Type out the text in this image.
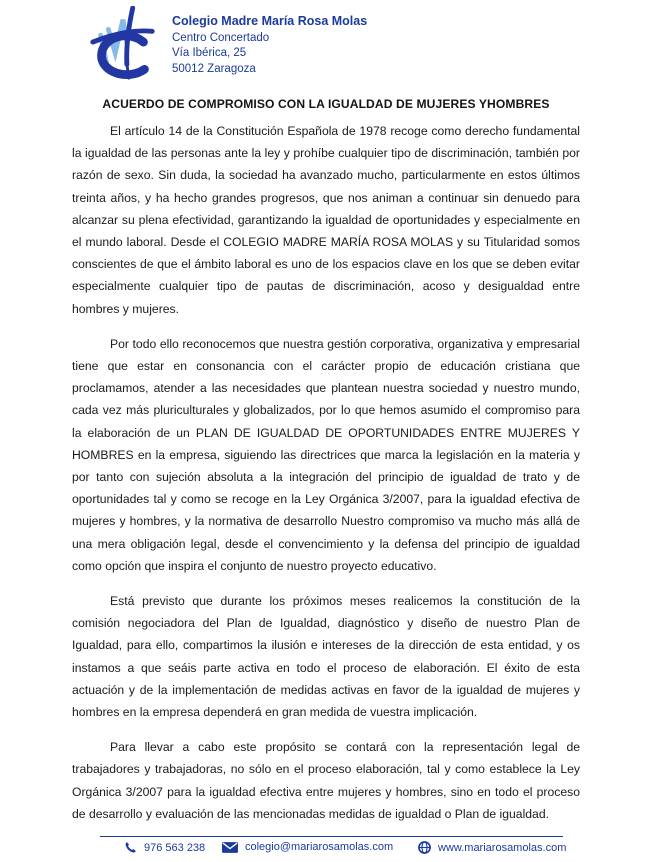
Colegio Madre María Rosa Molas
Centro Concertado
Vía Ibérica, 25
50012 Zaragoza
ACUERDO DE COMPROMISO CON LA IGUALDAD DE MUJERES YHOMBRES

El artículo 14 de la Constitución Española de 1978 recoge como derecho fundamental la igualdad de las personas ante la ley y prohíbe cualquier tipo de discriminación, también por razón de sexo. Sin duda, la sociedad ha avanzado mucho, particularmente en estos últimos treinta años, y ha hecho grandes progresos, que nos animan a continuar sin denuedo para alcanzar su plena efectividad, garantizando la igualdad de oportunidades y especialmente en el mundo laboral. Desde el COLEGIO MADRE MARÍA ROSA MOLAS y su Titularidad somos conscientes de que el ámbito laboral es uno de los espacios clave en los que se deben evitar especialmente cualquier tipo de pautas de discriminación, acoso y desigualdad entre hombres y mujeres.

Por todo ello reconocemos que nuestra gestión corporativa, organizativa y empresarial tiene que estar en consonancia con el carácter propio de educación cristiana que proclamamos, atender a las necesidades que plantean nuestra sociedad y nuestro mundo, cada vez más pluriculturales y globalizados, por lo que hemos asumido el compromiso para la elaboración de un PLAN DE IGUALDAD DE OPORTUNIDADES ENTRE MUJERES Y HOMBRES en la empresa, siguiendo las directrices que marca la legislación en la materia y por tanto con sujeción absoluta a la integración del principio de igualdad de trato y de oportunidades tal y como se recoge en la Ley Orgánica 3/2007, para la igualdad efectiva de mujeres y hombres, y la normativa de desarrollo Nuestro compromiso va mucho más allá de una mera obligación legal, desde el convencimiento y la defensa del principio de igualdad como opción que inspira el conjunto de nuestro proyecto educativo.

Está previsto que durante los próximos meses realicemos la constitución de la comisión negociadora del Plan de Igualdad, diagnóstico y diseño de nuestro Plan de Igualdad, para ello, compartimos la ilusión e intereses de la dirección de esta entidad, y os instamos a que seáis parte activa en todo el proceso de elaboración. El éxito de esta actuación y de la implementación de medidas activas en favor de la igualdad de mujeres y hombres en la empresa dependerá en gran medida de vuestra implicación.

Para llevar a cabo este propósito se contará con la representación legal de trabajadores y trabajadoras, no sólo en el proceso elaboración, tal y como establece la Ley Orgánica 3/2007 para la igualdad efectiva entre mujeres y hombres, sino en todo el proceso de desarrollo y evaluación de las mencionadas medidas de igualdad o Plan de igualdad.

976 563 238	colegio@mariarosamolas.com	www.mariarosamolas.com
